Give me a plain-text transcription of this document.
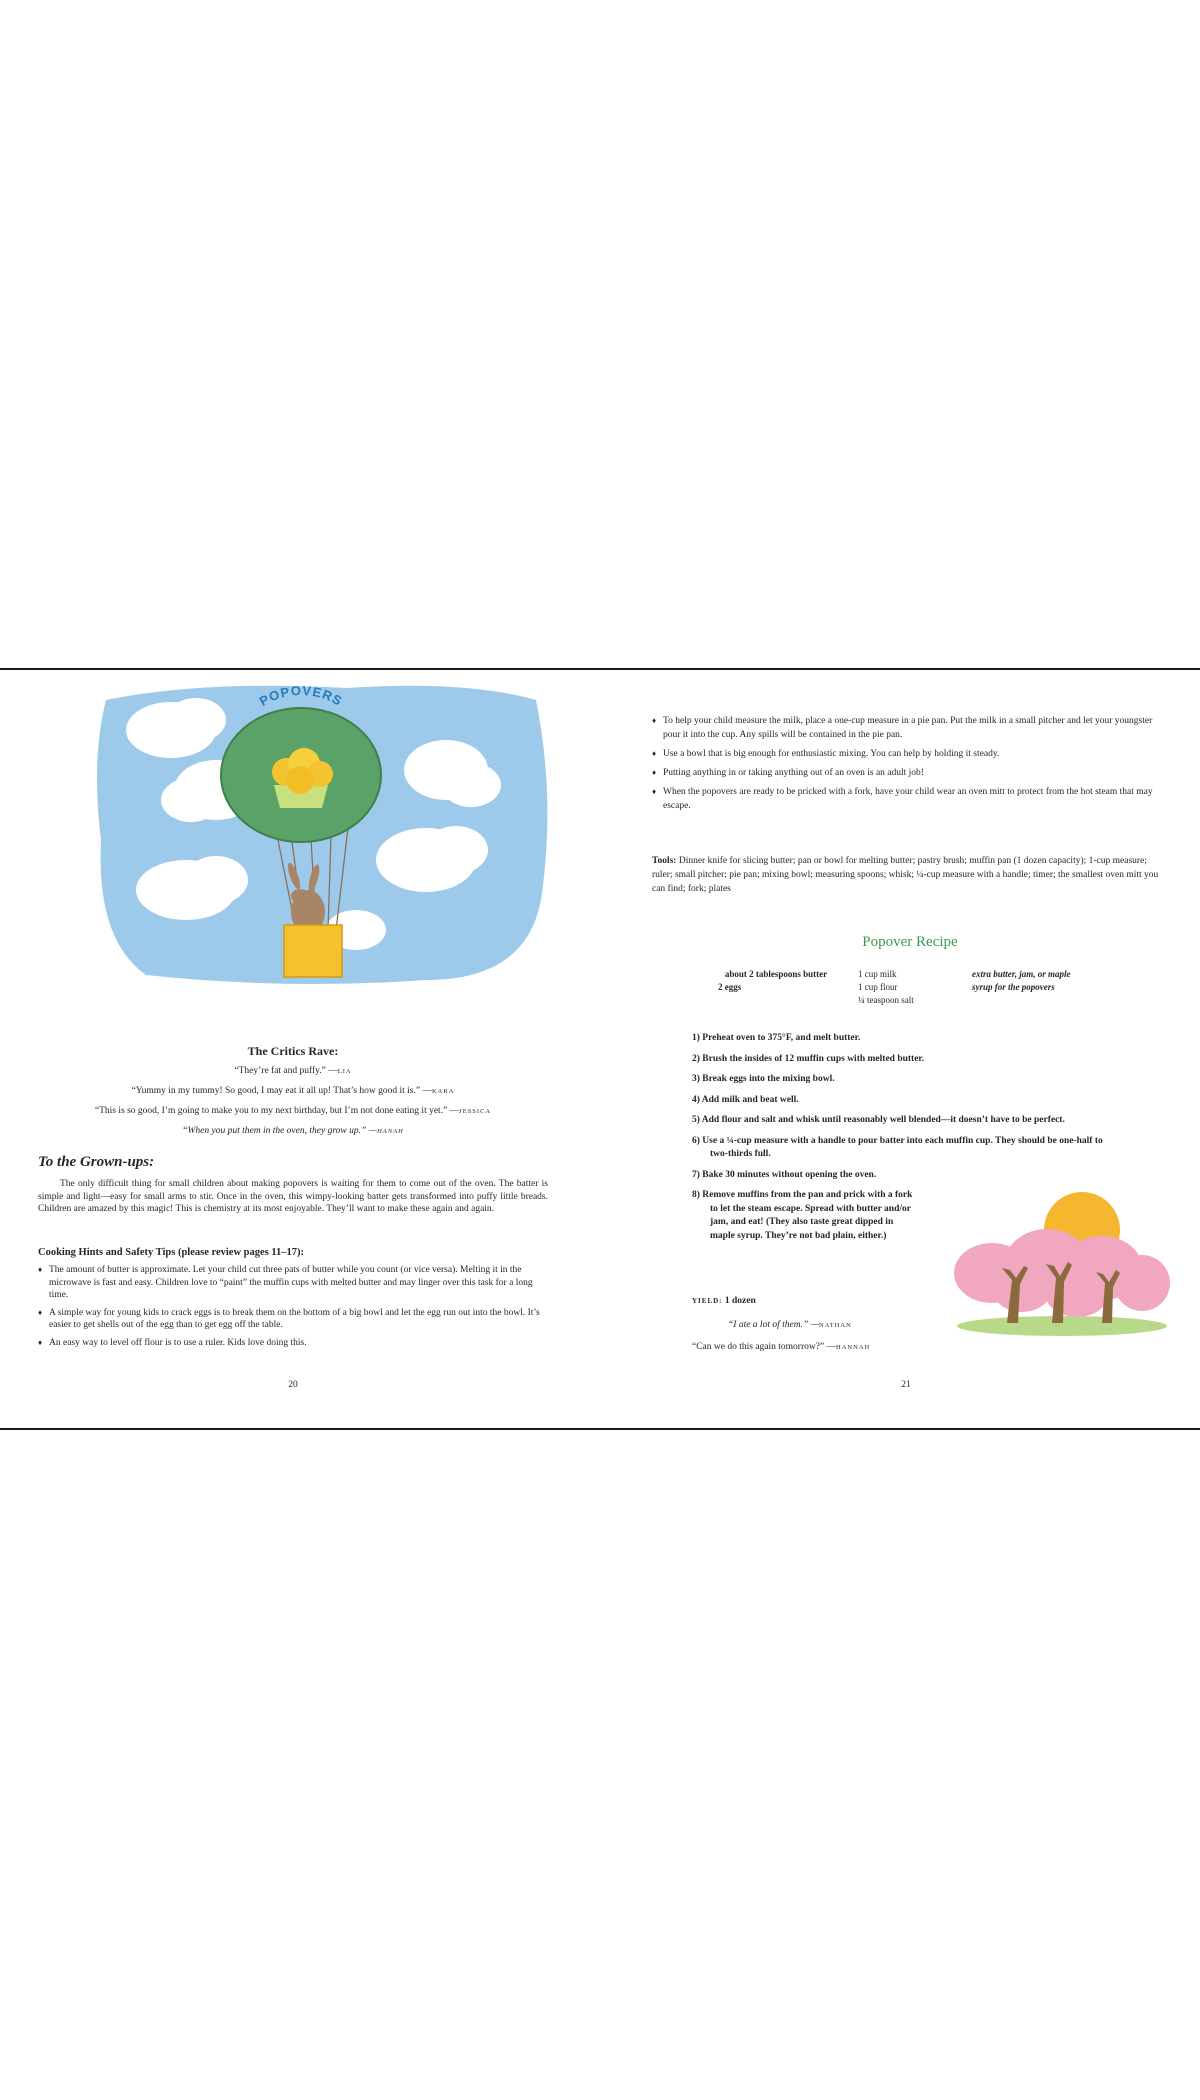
POPOVERS
The Critics Rave:
“They’re fat and puffy.” —LIA
“Yummy in my tummy! So good, I may eat it all up! That’s how good it is.” —KARA
“This is so good, I’m going to make you to my next birthday, but I’m not done eating it yet.” —JESSICA
“When you put them in the oven, they grow up.” —HANAH
To the Grown-ups:

The only difficult thing for small children about making popovers is waiting for them to come out of the oven. The batter is simple and light—easy for small arms to stir. Once in the oven, this wimpy-looking batter gets transformed into puffy little breads. Children are amazed by this magic! This is chemistry at its most enjoyable. They’ll want to make these again and again.

Cooking Hints and Safety Tips (please review pages 11–17):
♦ The amount of butter is approximate. Let your child cut three pats of butter while you count (or vice versa). Melting it in the microwave is fast and easy. Children love to “paint” the muffin cups with melted butter and may linger over this task for a long time.
♦ A simple way for young kids to crack eggs is to break them on the bottom of a big bowl and let the egg run out into the bowl. It’s easier to get shells out of the egg than to get egg off the table.
♦ An easy way to level off flour is to use a ruler. Kids love doing this.
20
♦ To help your child measure the milk, place a one-cup measure in a pie pan. Put the milk in a small pitcher and let your youngster pour it into the cup. Any spills will be contained in the pie pan.
♦ Use a bowl that is big enough for enthusiastic mixing. You can help by holding it steady.
♦ Putting anything in or taking anything out of an oven is an adult job!
♦ When the popovers are ready to be pricked with a fork, have your child wear an oven mitt to protect from the hot steam that may escape.

Tools: Dinner knife for slicing butter; pan or bowl for melting butter; pastry brush; muffin pan (1 dozen capacity); 1-cup measure; ruler; small pitcher; pie pan; mixing bowl; measuring spoons; whisk; ¼-cup measure with a handle; timer; the smallest oven mitt you can find; fork; plates

Popover Recipe
about 2 tablespoons butter
2 eggs
1 cup milk
1 cup flour
¼ teaspoon salt
extra butter, jam, or maple syrup for the popovers
1) Preheat oven to 375°F, and melt butter.
2) Brush the insides of 12 muffin cups with melted butter.
3) Break eggs into the mixing bowl.
4) Add milk and beat well.
5) Add flour and salt and whisk until reasonably well blended—it doesn’t have to be perfect.
6) Use a ¼-cup measure with a handle to pour batter into each muffin cup. They should be one-half to two-thirds full.
7) Bake 30 minutes without opening the oven.
8) Remove muffins from the pan and prick with a fork to let the steam escape. Spread with butter and/or jam, and eat! (They also taste great dipped in maple syrup. They’re not bad plain, either.)
YIELD: 1 dozen
“I ate a lot of them.” —NATHAN
“Can we do this again tomorrow?” —HANNAH
21
